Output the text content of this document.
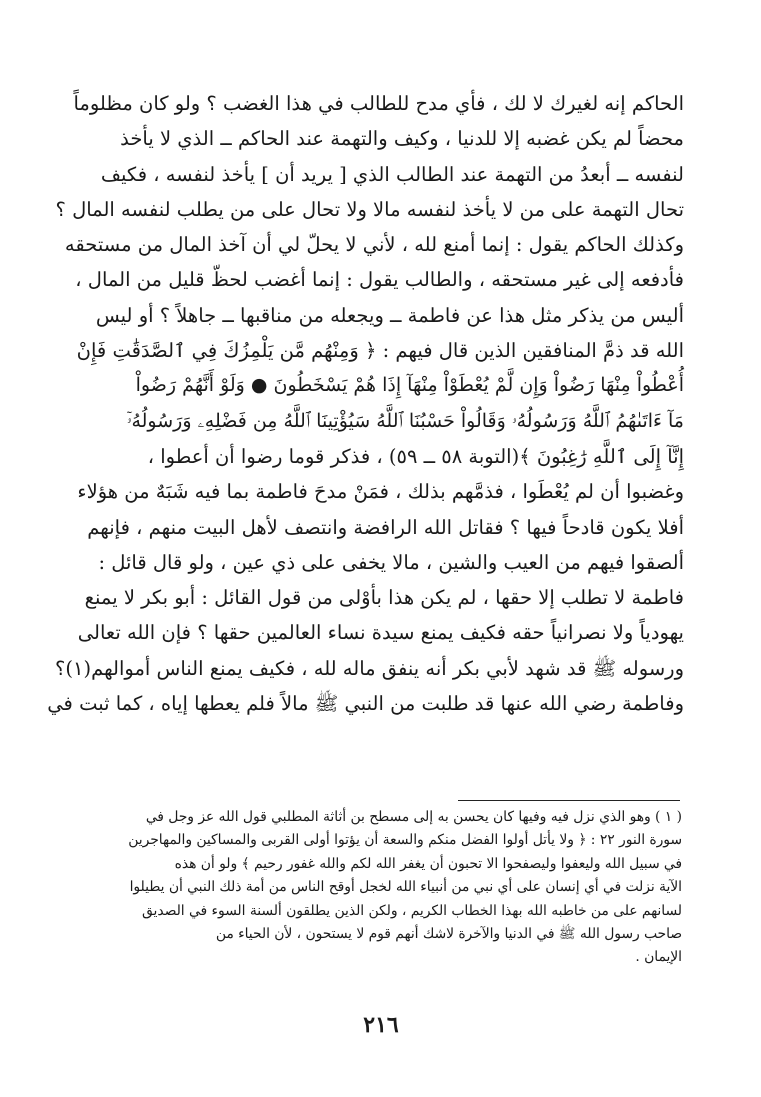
الحاكم إنه لغيرك لا لك ، فأي مدح للطالب في هذا الغضب ؟ ولو كان مظلوماً
محضاً لم يكن غضبه إلا للدنيا ، وكيف والتهمة عند الحاكم ــ الذي لا يأخذ
لنفسه ــ أبعدُ من التهمة عند الطالب الذي [ يريد أن ] يأخذ لنفسه ، فكيف
تحال التهمة على من لا يأخذ لنفسه مالا ولا تحال على من يطلب لنفسه المال ؟
وكذلك الحاكم يقول : إنما أمنع لله ، لأني لا يحلّ لي أن آخذ المال من مستحقه
فأدفعه إلى غير مستحقه ، والطالب يقول : إنما أغضب لحظّ قليل من المال ،
أليس من يذكر مثل هذا عن فاطمة ــ ويجعله من مناقبها ــ جاهلاً ؟ أو ليس
الله قد ذمَّ المنافقين الذين قال فيهم : ﴿ وَمِنْهُم مَّن يَلْمِزُكَ فِي ٱلصَّدَقَٰتِ فَإِنْ
أُعْطُواْ مِنْهَا رَضُواْ وَإِن لَّمْ يُعْطَوْاْ مِنْهَآ إِذَا هُمْ يَسْخَطُونَ ● وَلَوْ أَنَّهُمْ رَضُواْ
مَآ ءَاتَىٰهُمُ ٱللَّهُ وَرَسُولُهُۥ وَقَالُواْ حَسْبُنَا ٱللَّهُ سَيُؤْتِينَا ٱللَّهُ مِن فَضْلِهِۦ وَرَسُولُهُۥٓ
إِنَّآ إِلَى ٱللَّهِ رَٰغِبُونَ ﴾(التوبة ٥٨ ــ ٥٩) ، فذكر قوما رضوا أن أعطوا ،
وغضبوا أن لم يُعْطَوا ، فذمَّهم بذلك ، فمَنْ مدحَ فاطمة بما فيه شَبَهٌ من هؤلاء
أفلا يكون قادحاً فيها ؟ فقاتل الله الرافضة وانتصف لأهل البيت منهم ، فإنهم
ألصقوا فيهم من العيب والشين ، مالا يخفى على ذي عين ، ولو قال قائل :
فاطمة لا تطلب إلا حقها ، لم يكن هذا بأوْلى من قول القائل : أبو بكر لا يمنع
يهودياً ولا نصرانياً حقه فكيف يمنع سيدة نساء العالمين حقها ؟ فإن الله تعالى
ورسوله ﷺ قد شهد لأبي بكر أنه ينفق ماله لله ، فكيف يمنع الناس أموالهم(١)؟
وفاطمة رضي الله عنها قد طلبت من النبي ﷺ مالاً فلم يعطها إياه ، كما ثبت في
( ١ ) وهو الذي نزل فيه وفيها كان يحسن به إلى مسطح بن أثاثة المطلبي قول الله عز وجل في
سورة النور ٢٢ : ﴿ ولا يأتل أولوا الفضل منكم والسعة أن يؤتوا أولى القربى والمساكين والمهاجرين
في سبيل الله وليعفوا وليصفحوا الا تحبون أن يغفر الله لكم والله غفور رحيم ﴾ ولو أن هذه
الآية نزلت في أي إنسان على أي نبي من أنبياء الله لخجل أوقح الناس من أمة ذلك النبي أن يطيلوا
لسانهم على من خاطبه الله بهذا الخطاب الكريم ، ولكن الذين يطلقون ألسنة السوء في الصديق
صاحب رسول الله ﷺ في الدنيا والآخرة لاشك أنهم قوم لا يستحون ، لأن الحياء من
الإيمان .
٢١٦
